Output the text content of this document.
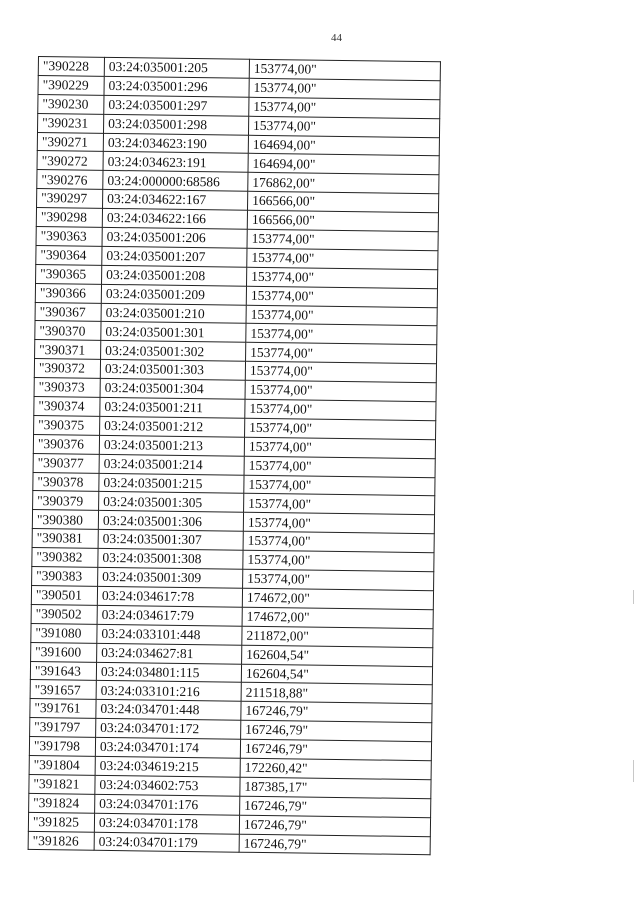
44
"390228	03:24:035001:205	153774,00"
"390229	03:24:035001:296	153774,00"
"390230	03:24:035001:297	153774,00"
"390231	03:24:035001:298	153774,00"
"390271	03:24:034623:190	164694,00"
"390272	03:24:034623:191	164694,00"
"390276	03:24:000000:68586	176862,00"
"390297	03:24:034622:167	166566,00"
"390298	03:24:034622:166	166566,00"
"390363	03:24:035001:206	153774,00"
"390364	03:24:035001:207	153774,00"
"390365	03:24:035001:208	153774,00"
"390366	03:24:035001:209	153774,00"
"390367	03:24:035001:210	153774,00"
"390370	03:24:035001:301	153774,00"
"390371	03:24:035001:302	153774,00"
"390372	03:24:035001:303	153774,00"
"390373	03:24:035001:304	153774,00"
"390374	03:24:035001:211	153774,00"
"390375	03:24:035001:212	153774,00"
"390376	03:24:035001:213	153774,00"
"390377	03:24:035001:214	153774,00"
"390378	03:24:035001:215	153774,00"
"390379	03:24:035001:305	153774,00"
"390380	03:24:035001:306	153774,00"
"390381	03:24:035001:307	153774,00"
"390382	03:24:035001:308	153774,00"
"390383	03:24:035001:309	153774,00"
"390501	03:24:034617:78	174672,00"
"390502	03:24:034617:79	174672,00"
"391080	03:24:033101:448	211872,00"
"391600	03:24:034627:81	162604,54"
"391643	03:24:034801:115	162604,54"
"391657	03:24:033101:216	211518,88"
"391761	03:24:034701:448	167246,79"
"391797	03:24:034701:172	167246,79"
"391798	03:24:034701:174	167246,79"
"391804	03:24:034619:215	172260,42"
"391821	03:24:034602:753	187385,17"
"391824	03:24:034701:176	167246,79"
"391825	03:24:034701:178	167246,79"
"391826	03:24:034701:179	167246,79"
